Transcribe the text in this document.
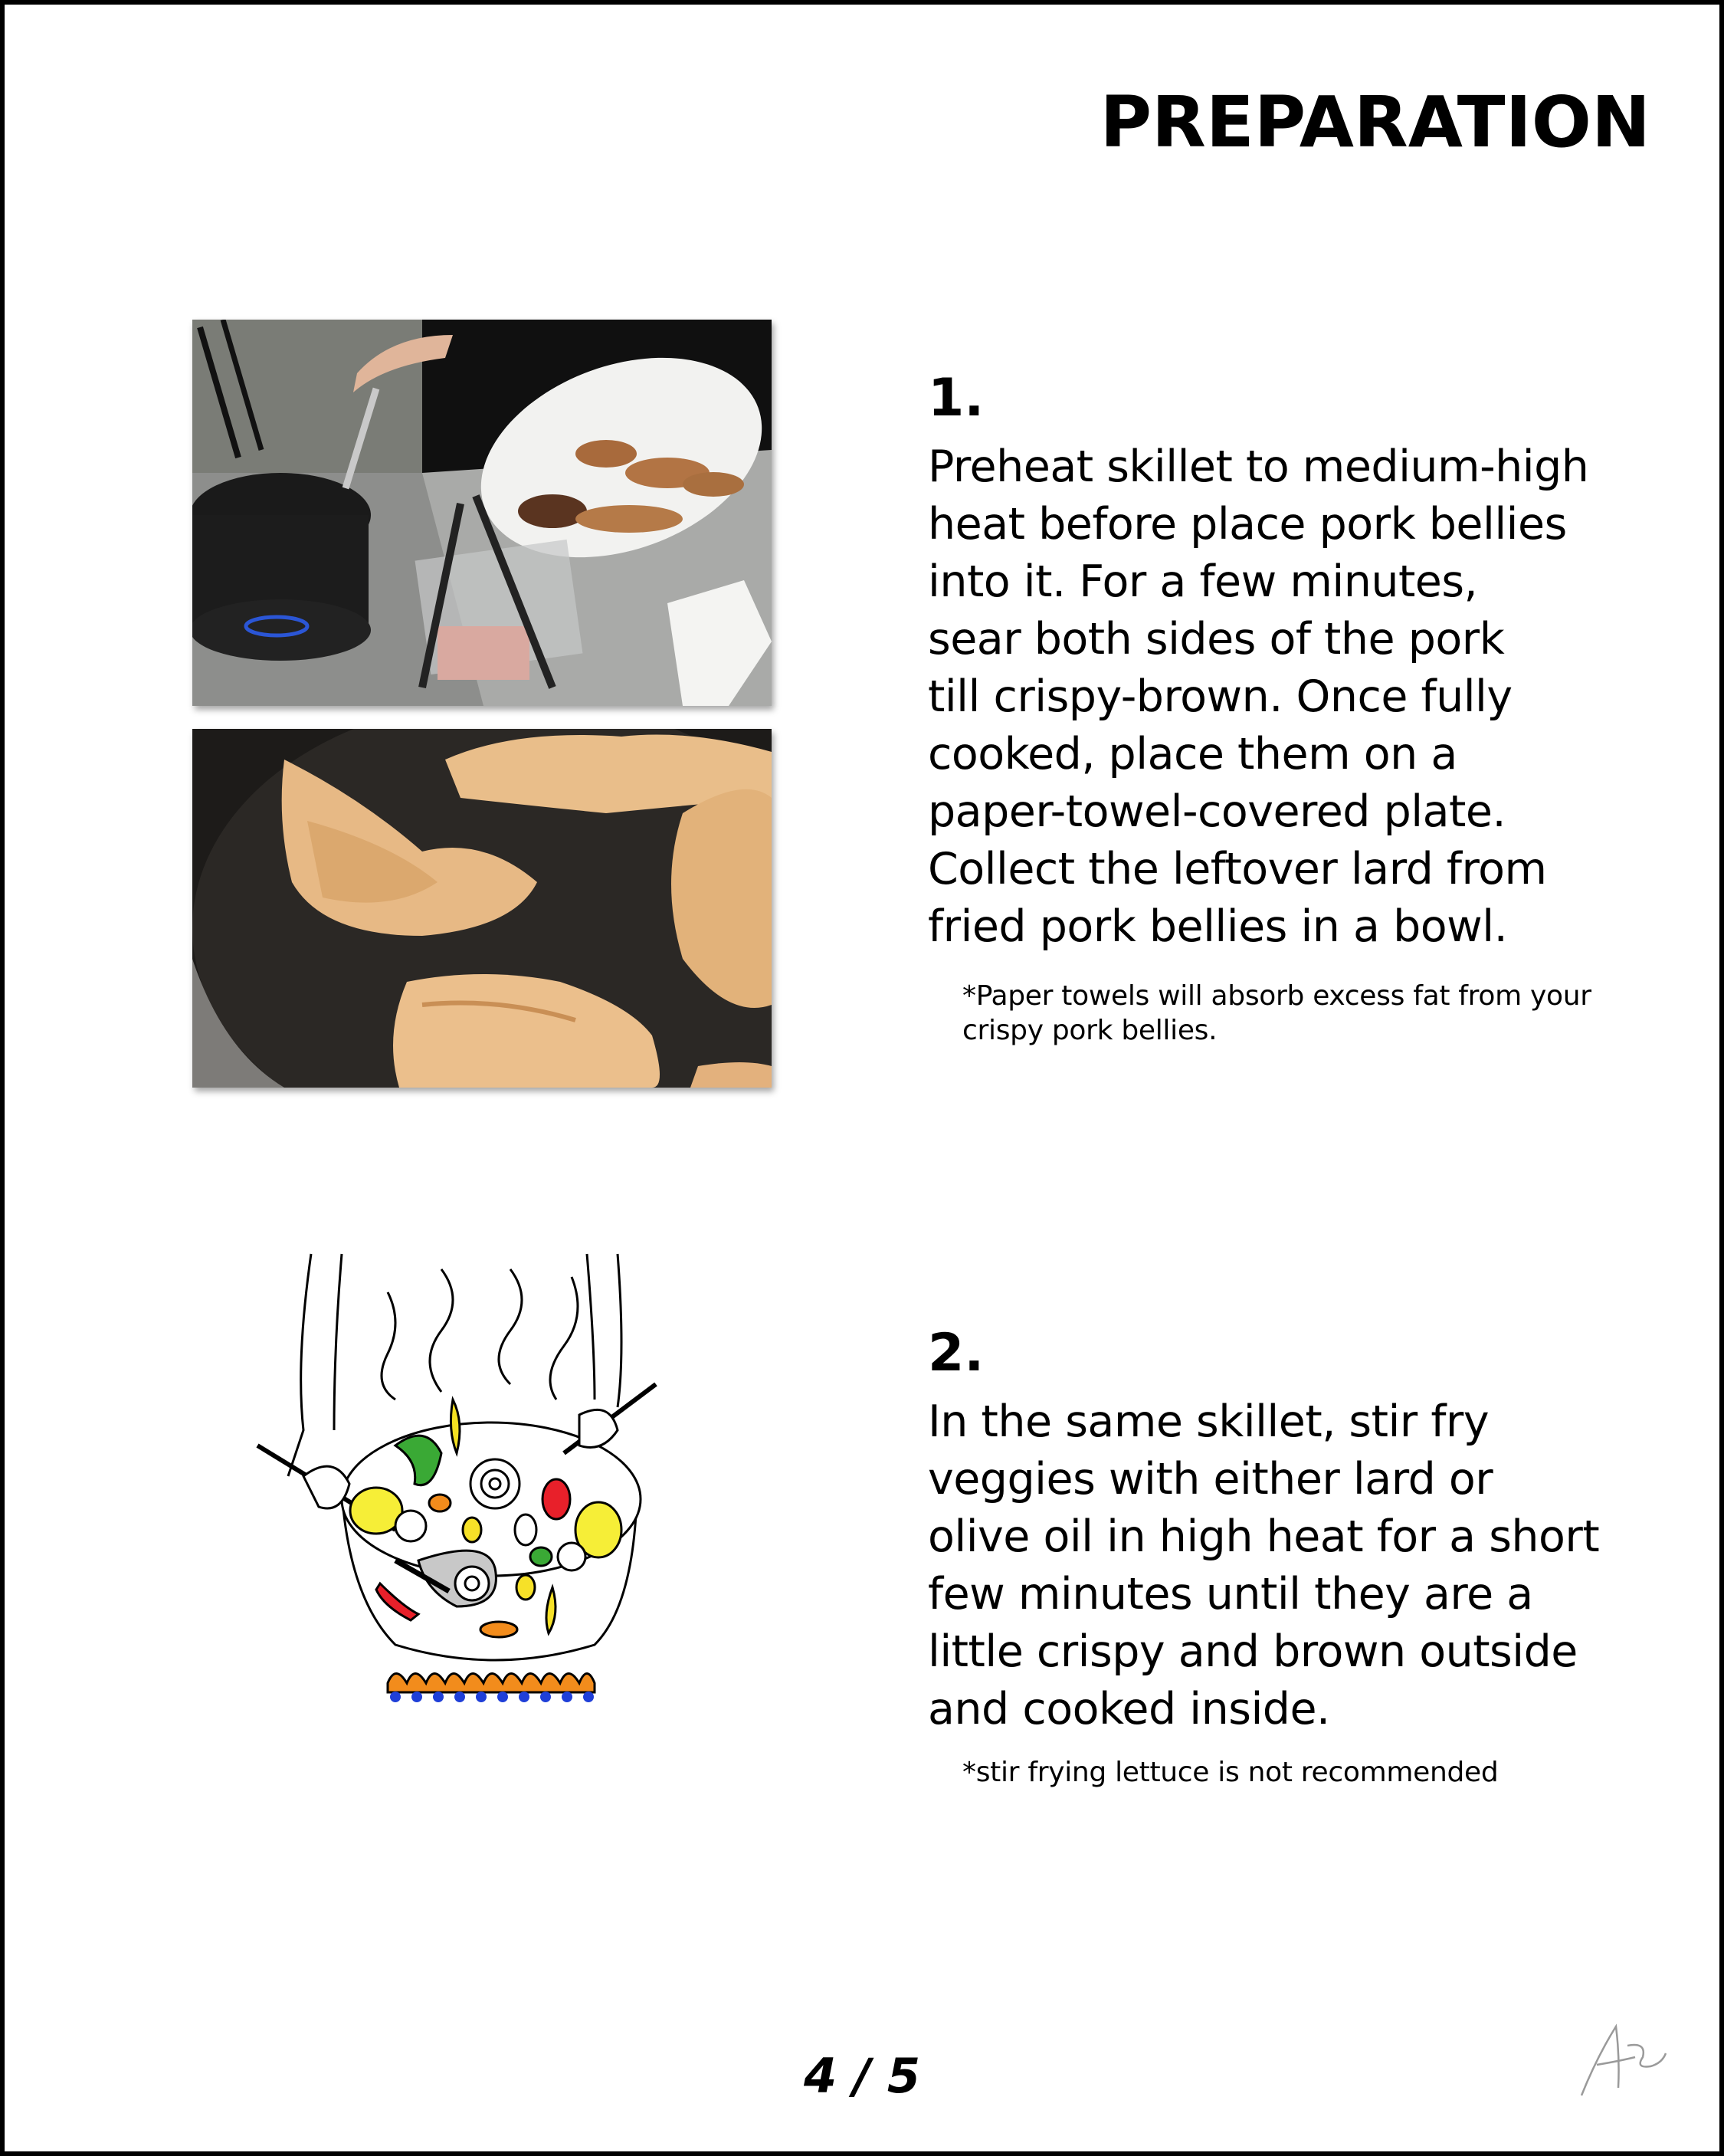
PREPARATION

1.

Preheat skillet to medium-high
heat before place pork bellies
into it. For a few minutes,
sear both sides of the pork
till crispy-brown. Once fully
cooked, place them on a
paper-towel-covered plate.
Collect the leftover lard from
fried pork bellies in a bowl.

*Paper towels will absorb excess fat from your crispy pork bellies.

2.

In the same skillet, stir fry
veggies with either lard or
olive oil in high heat for a short
few minutes until they are a
little crispy and brown outside
and cooked inside.

*stir frying lettuce is not recommended

4 / 5
